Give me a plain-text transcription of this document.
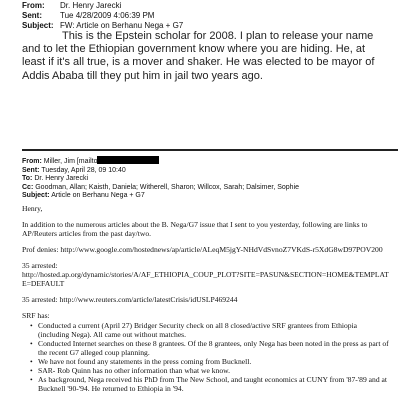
From:	Dr. Henry Jarecki
Sent:	Tue 4/28/2009 4:06:39 PM
Subject: FW: Article on Berhanu Nega + G7
This is the Epstein scholar for 2008. I plan to release your name and to let the Ethiopian government know where you are hiding. He, at least if it's all true, is a mover and shaker. He was elected to be mayor of Addis Ababa till they put him in jail two years ago.
From: Miller, Jim [mailto
Sent: Tuesday, April 28, 09 10:40
To: Dr. Henry Jarecki
Cc: Goodman, Allan; Kaisth, Daniela; Witherell, Sharon; Willcox, Sarah; Dalsimer, Sophie
Subject: Article on Berhanu Nega + G7

Henry,

In addition to the numerous articles about the B. Nega/G7 issue that I sent to you yesterday, following are links to AP/Reuters articles from the past day/two.

Prof denies: http://www.google.com/hostednews/ap/article/ALeqM5jgY-NHdVdSvnoZ7VKdS-r5XdG8wD97POV200

35 arrested:
http://hosted.ap.org/dynamic/stories/A/AF_ETHIOPIA_COUP_PLOT?SITE=PASUN&SECTION=HOME&TEMPLATE=DEFAULT

35 arrested: http://www.reuters.com/article/latestCrisis/idUSLP469244

SRF has:

• Conducted a current (April 27) Bridger Security check on all 8 closed/active SRF grantees from Ethiopia (including Nega). All came out without matches.
• Conducted Internet searches on these 8 grantees. Of the 8 grantees, only Nega has been noted in the press as part of the recent G7 alleged coup planning.
• We have not found any statements in the press coming from Bucknell.
• SAR- Rob Quinn has no other information than what we know.
• As background, Nega received his PhD from The New School, and taught economics at CUNY from '87-'89 and at Bucknell '90-'94. He returned to Ethiopia in '94.
